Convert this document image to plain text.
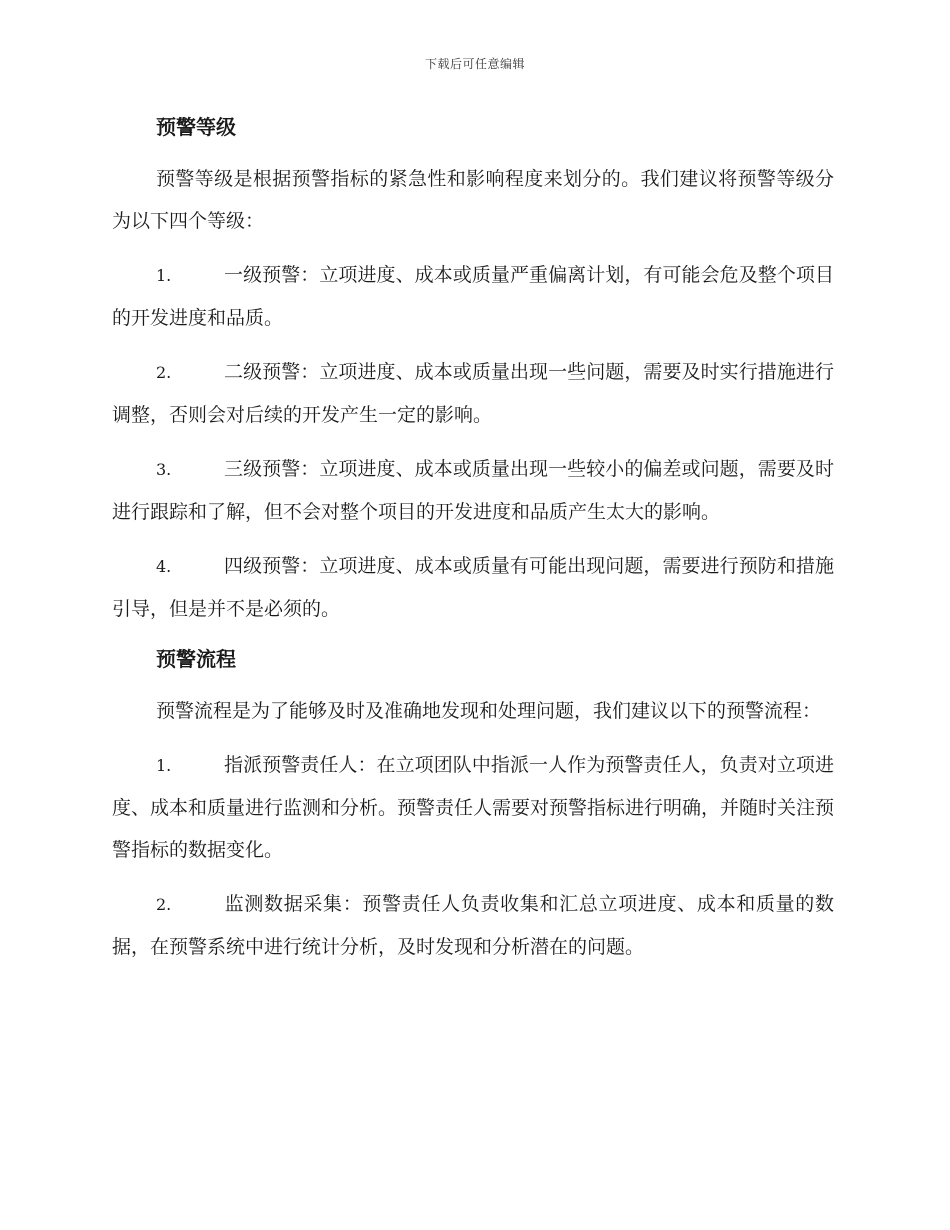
下载后可任意编辑
预警等级

预警等级是根据预警指标的紧急性和影响程度来划分的。我们建议将预警等级分为以下四个等级：

1.	一级预警：立项进度、成本或质量严重偏离计划，有可能会危及整个项目的开发进度和品质。

2.	二级预警：立项进度、成本或质量出现一些问题，需要及时实行措施进行调整，否则会对后续的开发产生一定的影响。

3.	三级预警：立项进度、成本或质量出现一些较小的偏差或问题，需要及时进行跟踪和了解，但不会对整个项目的开发进度和品质产生太大的影响。

4.	四级预警：立项进度、成本或质量有可能出现问题，需要进行预防和措施引导，但是并不是必须的。

预警流程

预警流程是为了能够及时及准确地发现和处理问题，我们建议以下的预警流程：

1.	指派预警责任人：在立项团队中指派一人作为预警责任人，负责对立项进度、成本和质量进行监测和分析。预警责任人需要对预警指标进行明确，并随时关注预警指标的数据变化。

2.	监测数据采集：预警责任人负责收集和汇总立项进度、成本和质量的数据，在预警系统中进行统计分析，及时发现和分析潜在的问题。
